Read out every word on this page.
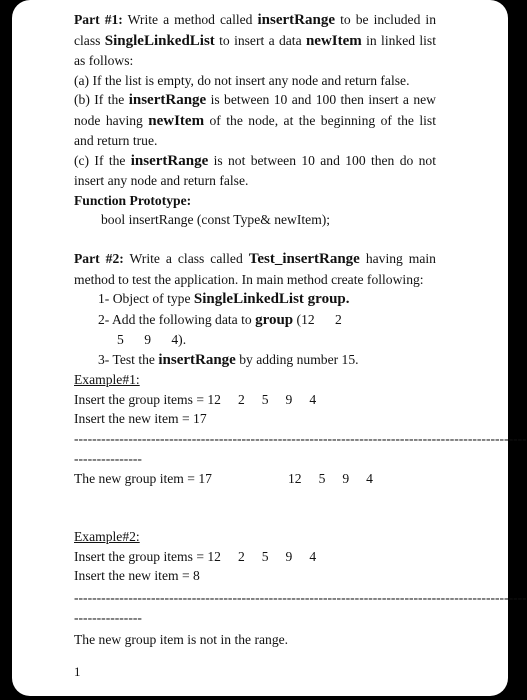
Part #1: Write a method called insertRange to be included in class SingleLinkedList to insert a data newItem in linked list as follows:

(a) If the list is empty, do not insert any node and return false.

(b) If the insertRange is between 10 and 100 then insert a new node having newItem of the node, at the beginning of the list and return true.

(c) If the insertRange is not between 10 and 100 then do not insert any node and return false.

Function Prototype:

bool insertRange (const Type& newItem);

Part #2: Write a class called Test_insertRange having main method to test the application. In main method create following:

1- Object of type SingleLinkedList group.

2- Add the following data to group (12      2

5      9      4).

3- Test the insertRange by adding number 15.

Example#1:

Insert the group items = 12     2     5     9     4

Insert the new item = 17

----------------------------------------------------------------------------------------------------

---------------

The new group item = 17	12     5     9     4

Example#2:

Insert the group items = 12     2     5     9     4

Insert the new item = 8

----------------------------------------------------------------------------------------------------

---------------

The new group item is not in the range.

1
